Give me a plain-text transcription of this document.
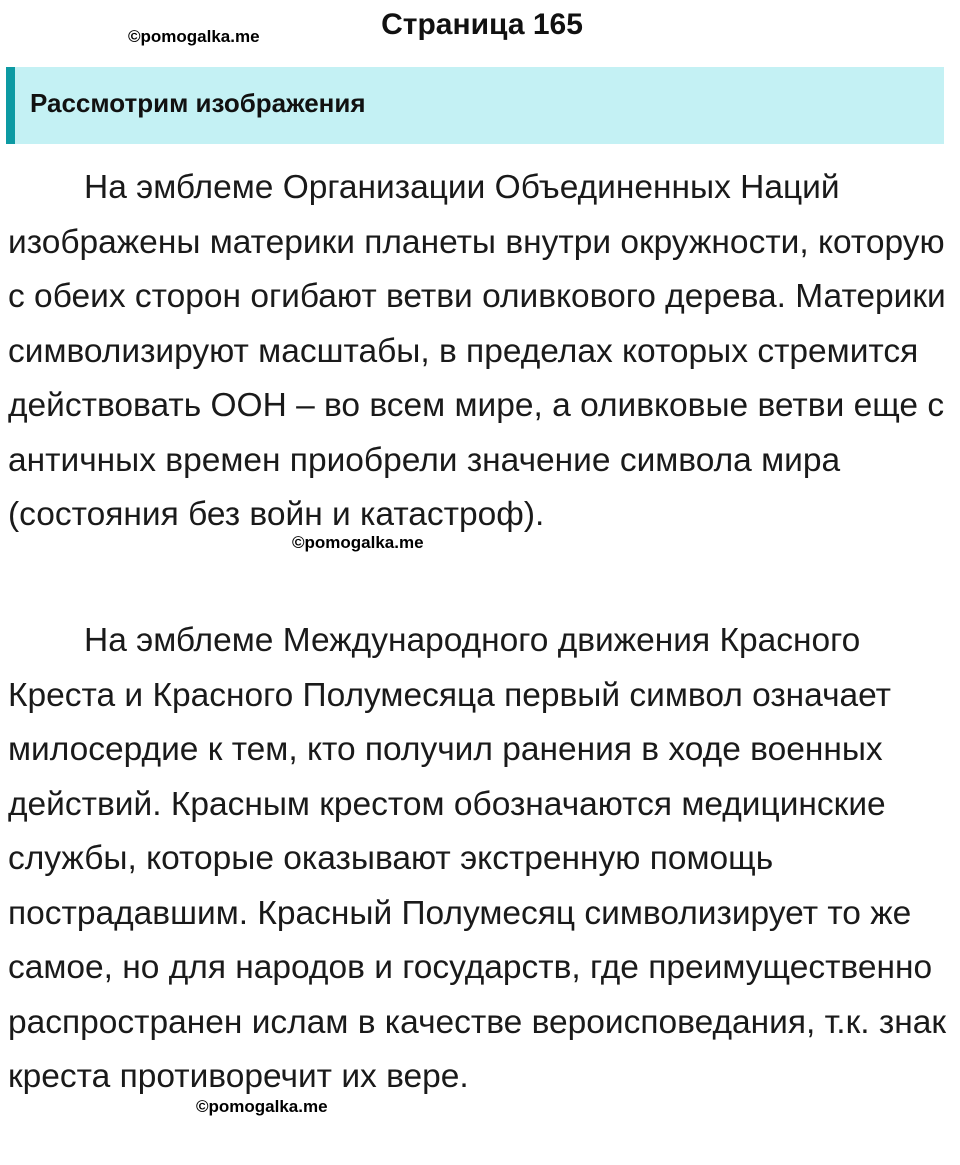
©pomogalka.me	Страница 165
Рассмотрим изображения

На эмблеме Организации Объединенных Наций изображены материки планеты внутри окружности, которую с обеих сторон огибают ветви оливкового дерева. Материки символизируют масштабы, в пределах которых стремится действовать ООН – во всем мире, а оливковые ветви еще с античных времен приобрели значение символа мира (состояния без войн и катастроф).

©pomogalka.me

На эмблеме Международного движения Красного Креста и Красного Полумесяца первый символ означает милосердие к тем, кто получил ранения в ходе военных действий. Красным крестом обозначаются медицинские службы, которые оказывают экстренную помощь пострадавшим. Красный Полумесяц символизирует то же самое, но для народов и государств, где преимущественно распространен ислам в качестве вероисповедания, т.к. знак креста противоречит их вере.

©pomogalka.me
